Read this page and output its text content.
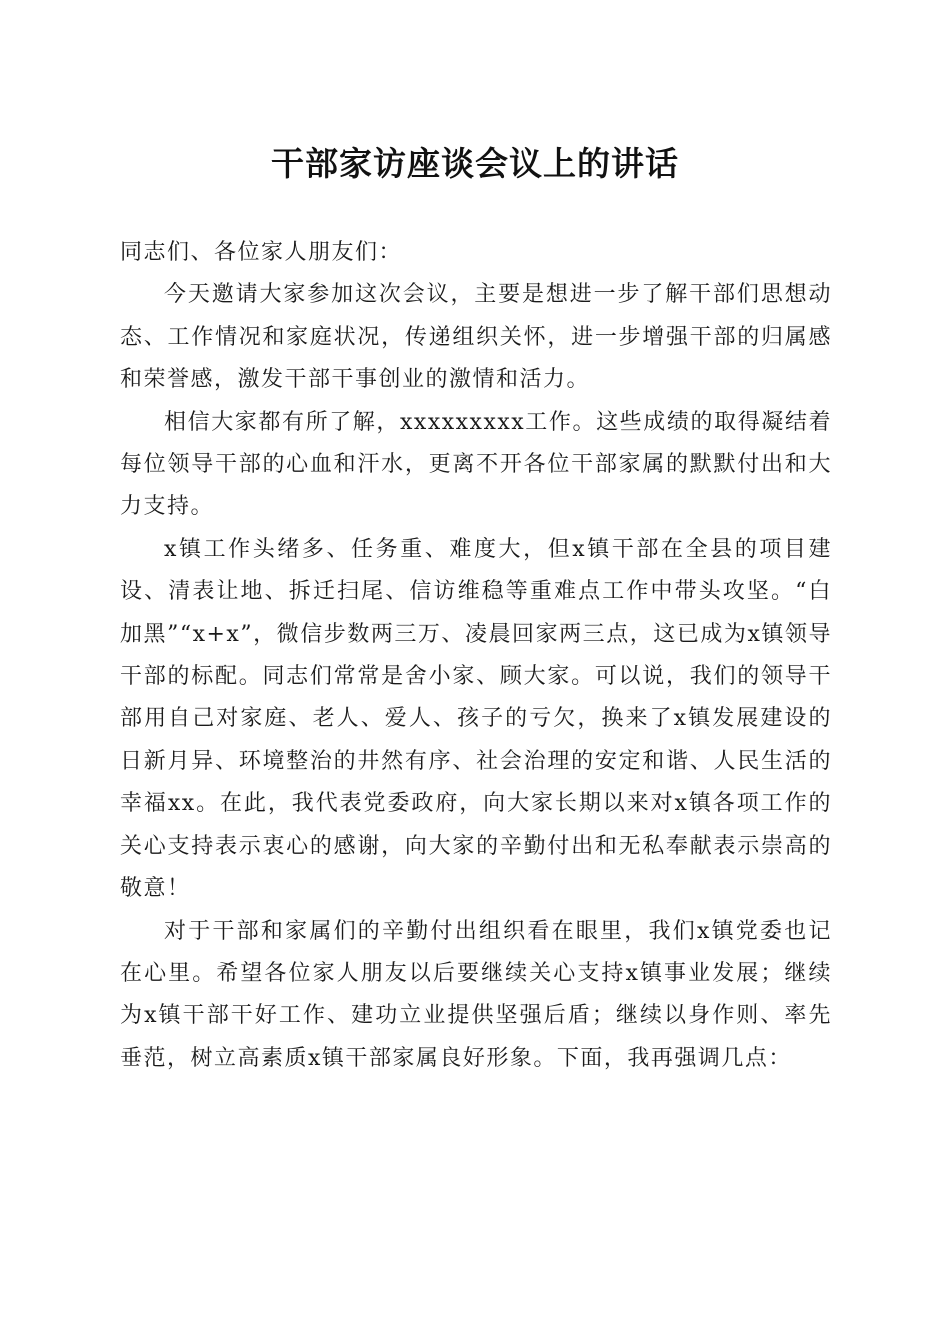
干部家访座谈会议上的讲话

同志们、各位家人朋友们：

今天邀请大家参加这次会议，主要是想进一步了解干部们思想动态、工作情况和家庭状况，传递组织关怀，进一步增强干部的归属感和荣誉感，激发干部干事创业的激情和活力。

相信大家都有所了解，xxxxxxxxx工作。这些成绩的取得凝结着每位领导干部的心血和汗水，更离不开各位干部家属的默默付出和大力支持。

x镇工作头绪多、任务重、难度大，但x镇干部在全县的项目建设、清表让地、拆迁扫尾、信访维稳等重难点工作中带头攻坚。“白加黑”“x+x”，微信步数两三万、凌晨回家两三点，这已成为x镇领导干部的标配。同志们常常是舍小家、顾大家。可以说，我们的领导干部用自己对家庭、老人、爱人、孩子的亏欠，换来了x镇发展建设的日新月异、环境整治的井然有序、社会治理的安定和谐、人民生活的幸福xx。在此，我代表党委政府，向大家长期以来对x镇各项工作的关心支持表示衷心的感谢，向大家的辛勤付出和无私奉献表示崇高的敬意！

对于干部和家属们的辛勤付出组织看在眼里，我们x镇党委也记在心里。希望各位家人朋友以后要继续关心支持x镇事业发展；继续为x镇干部干好工作、建功立业提供坚强后盾；继续以身作则、率先垂范，树立高素质x镇干部家属良好形象。下面，我再强调几点：
